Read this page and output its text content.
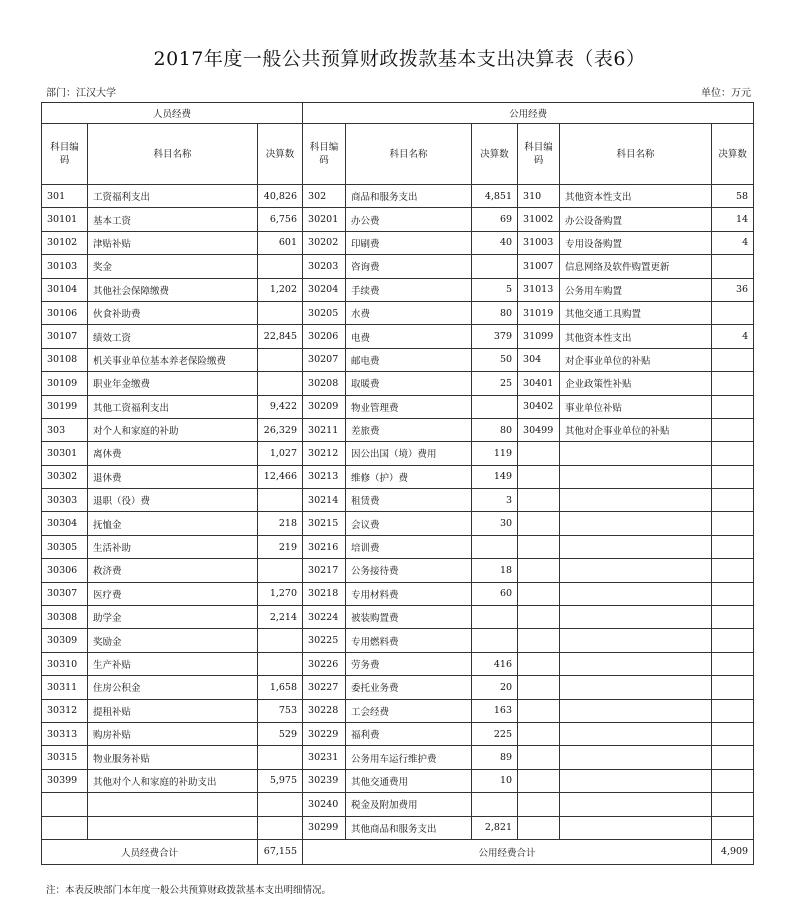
2017年度一般公共预算财政拨款基本支出决算表（表6）
部门：江汉大学	单位：万元
人员经费			公用经费					
科目编码	科目名称	决算数	科目编码	科目名称	决算数	科目编码	科目名称	决算数
301	工资福利支出	40,826	302	商品和服务支出	4,851	310	其他资本性支出	58
30101	基本工资	6,756	30201	办公费	69	31002	办公设备购置	14
30102	津贴补贴	601	30202	印刷费	40	31003	专用设备购置	4
30103	奖金		30203	咨询费		31007	信息网络及软件购置更新	
30104	其他社会保障缴费	1,202	30204	手续费	5	31013	公务用车购置	36
30106	伙食补助费		30205	水费	80	31019	其他交通工具购置	
30107	绩效工资	22,845	30206	电费	379	31099	其他资本性支出	4
30108	机关事业单位基本养老保险缴费		30207	邮电费	50	304	对企事业单位的补贴	
30109	职业年金缴费		30208	取暖费	25	30401	企业政策性补贴	
30199	其他工资福利支出	9,422	30209	物业管理费		30402	事业单位补贴	
303	对个人和家庭的补助	26,329	30211	差旅费	80	30499	其他对企事业单位的补贴	
30301	离休费	1,027	30212	因公出国（境）费用	119			
30302	退休费	12,466	30213	维修（护）费	149			
30303	退职（役）费		30214	租赁费	3			
30304	抚恤金	218	30215	会议费	30			
30305	生活补助	219	30216	培训费				
30306	救济费		30217	公务接待费	18			
30307	医疗费	1,270	30218	专用材料费	60			
30308	助学金	2,214	30224	被装购置费				
30309	奖励金		30225	专用燃料费				
30310	生产补贴		30226	劳务费	416			
30311	住房公积金	1,658	30227	委托业务费	20			
30312	提租补贴	753	30228	工会经费	163			
30313	购房补贴	529	30229	福利费	225			
30315	物业服务补贴		30231	公务用车运行维护费	89			
30399	其他对个人和家庭的补助支出	5,975	30239	其他交通费用	10			
			30240	税金及附加费用				
			30299	其他商品和服务支出	2,821			
人员经费合计		67,155	公用经费合计					4,909
注：本表反映部门本年度一般公共预算财政拨款基本支出明细情况。
